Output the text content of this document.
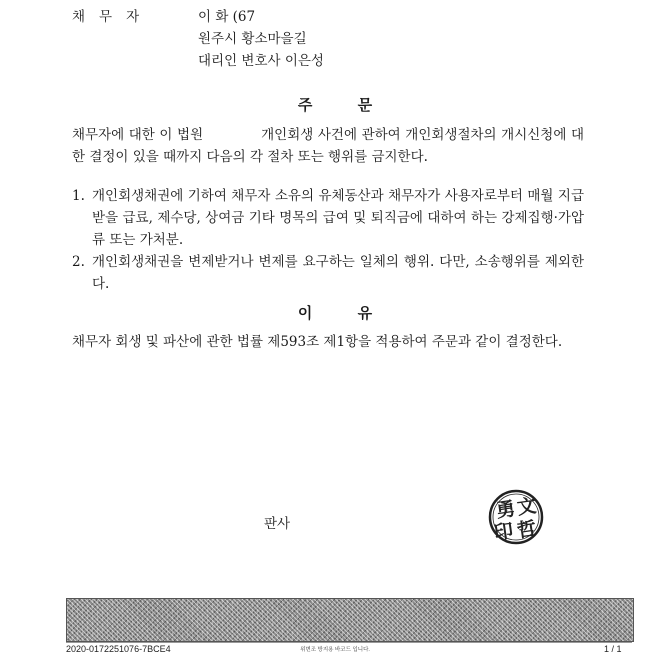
채무자	이 화 (67
원주시 황소마을길
대리인 변호사 이은성
주 문
채무자에 대한 이 법원	개인회생 사건에 관하여 개인회생절차의 개시신청에 대한 결정이 있을 때까지 다음의 각 절차 또는 행위를 금지한다.
1. 개인회생채권에 기하여 채무자 소유의 유체동산과 채무자가 사용자로부터 매월 지급받을 급료, 제수당, 상여금 기타 명목의 급여 및 퇴직금에 대하여 하는 강제집행·가압류 또는 가처분.
2. 개인회생채권을 변제받거나 변제를 요구하는 일체의 행위. 다만, 소송행위를 제외한다.
이 유
채무자 회생 및 파산에 관한 법률 제593조 제1항을 적용하여 주문과 같이 결정한다.
판사
勇 文
印 哲
2020-0172251076-7BCE4	위변조 방지용 바코드 입니다.	1 / 1
